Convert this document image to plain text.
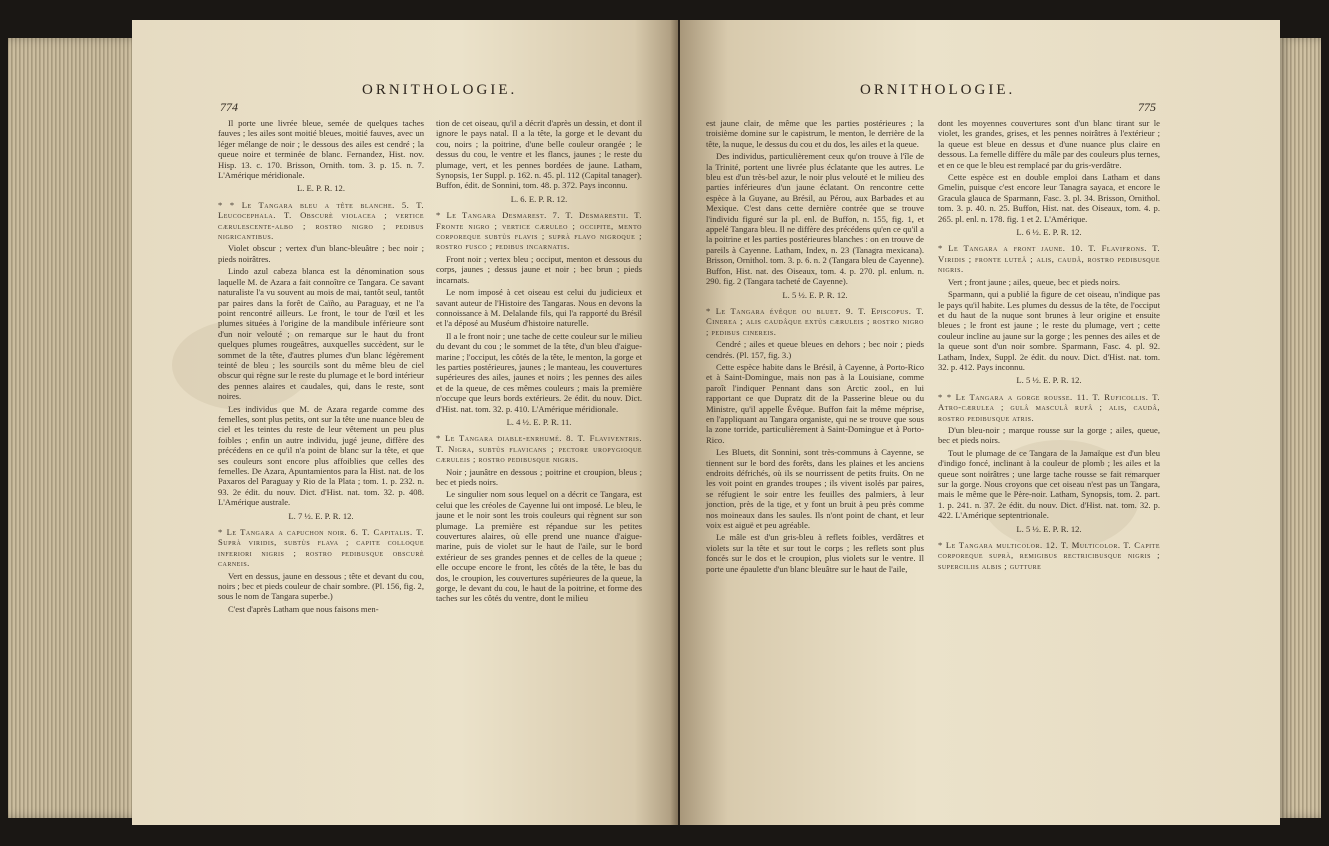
774
ORNITHOLOGIE.

Il porte une livrée bleue, semée de quelques taches fauves ; les ailes sont moitié bleues, moitié fauves, avec un léger mélange de noir ; le dessous des ailes est cendré ; la queue noire et terminée de blanc. Fernandez, Hist. nov. Hisp. 13. c. 170. Brisson, Ornith. tom. 3. p. 15. n. 7. L'Amérique méridionale.

L. E. P. R. 12.

* * Le Tangara bleu a tête blanche. 5. T. Leucocephala. T. Obscurè violacea ; vertice cærulescente-albo ; rostro nigro ; pedibus nigricantibus.

Violet obscur ; vertex d'un blanc-bleuâtre ; bec noir ; pieds noirâtres.

Lindo azul cabeza blanca est la dénomination sous laquelle M. de Azara a fait connoître ce Tangara. Ce savant naturaliste l'a vu souvent au mois de mai, tantôt seul, tantôt par paires dans la forêt de Caïño, au Paraguay, et ne l'a point rencontré ailleurs. Le front, le tour de l'œil et les plumes situées à l'origine de la mandibule inférieure sont d'un noir velouté ; on remarque sur le haut du front quelques plumes rougeâtres, auxquelles succèdent, sur le sommet de la tête, d'autres plumes d'un blanc légèrement teinté de bleu ; les sourcils sont du même bleu de ciel obscur qui règne sur le reste du plumage et le bord intérieur des pennes alaires et caudales, qui, dans le reste, sont noires.

Les individus que M. de Azara regarde comme des femelles, sont plus petits, ont sur la tête une nuance bleu de ciel et les teintes du reste de leur vêtement un peu plus foibles ; enfin un autre individu, jugé jeune, diffère des précédens en ce qu'il n'a point de blanc sur la tête, et que ses couleurs sont encore plus affoiblies que celles des femelles. De Azara, Apuntamientos para la Hist. nat. de los Paxaros del Paraguay y Rio de la Plata ; tom. 1. p. 232. n. 93. 2e édit. du nouv. Dict. d'Hist. nat. tom. 32. p. 408. L'Amérique australe.

L. 7 ½. E. P. R. 12.

* Le Tangara a capuchon noir. 6. T. Capitalis. T. Suprà viridis, subtùs flava ; capite colloque inferiori nigris ; rostro pedibusque obscurè carneis.

Vert en dessus, jaune en dessous ; tête et devant du cou, noirs ; bec et pieds couleur de chair sombre. (Pl. 156, fig. 2, sous le nom de Tangara superbe.)

C'est d'après Latham que nous faisons men-

tion de cet oiseau, qu'il a décrit d'après un dessin, et dont il ignore le pays natal. Il a la tête, la gorge et le devant du cou, noirs ; la poitrine, d'une belle couleur orangée ; le dessus du cou, le ventre et les flancs, jaunes ; le reste du plumage, vert, et les pennes bordées de jaune. Latham, Synopsis, 1er Suppl. p. 162. n. 45. pl. 112 (Capital tanager). Buffon, édit. de Sonnini, tom. 48. p. 372. Pays inconnu.

L. 6. E. P. R. 12.

* Le Tangara Desmarest. 7. T. Desmarestii. T. Fronte nigro ; vertice cæruleo ; occipite, mento corporeque subtùs flavis ; suprà flavo nigroque ; rostro fusco ; pedibus incarnatis.

Front noir ; vertex bleu ; occiput, menton et dessous du corps, jaunes ; dessus jaune et noir ; bec brun ; pieds incarnats.

Le nom imposé à cet oiseau est celui du judicieux et savant auteur de l'Histoire des Tangaras. Nous en devons la connoissance à M. Delalande fils, qui l'a rapporté du Brésil et l'a déposé au Muséum d'histoire naturelle.

Il a le front noir ; une tache de cette couleur sur le milieu du devant du cou ; le sommet de la tête, d'un bleu d'aigue-marine ; l'occiput, les côtés de la tête, le menton, la gorge et les parties postérieures, jaunes ; le manteau, les couvertures supérieures des ailes, jaunes et noirs ; les pennes des ailes et de la queue, de ces mêmes couleurs ; mais la première n'occupe que leurs bords extérieurs. 2e édit. du nouv. Dict. d'Hist. nat. tom. 32. p. 410. L'Amérique méridionale.

L. 4 ½. E. P. R. 11.

* Le Tangara diable-enrhumé. 8. T. Flaviventris. T. Nigra, subtùs flavicans ; pectore uropygioque cæruleis ; rostro pedibusque nigris.

Noir ; jaunâtre en dessous ; poitrine et croupion, bleus ; bec et pieds noirs.

Le singulier nom sous lequel on a décrit ce Tangara, est celui que les créoles de Cayenne lui ont imposé. Le bleu, le jaune et le noir sont les trois couleurs qui règnent sur son plumage. La première est répandue sur les petites couvertures alaires, où elle prend une nuance d'aigue-marine, puis de violet sur le haut de l'aile, sur le bord extérieur de ses grandes pennes et de celles de la queue ; elle occupe encore le front, les côtés de la tête, le bas du dos, le croupion, les couvertures supérieures de la queue, la gorge, le devant du cou, le haut de la poitrine, et forme des taches sur les côtés du ventre, dont le milieu

ORNITHOLOGIE.
775

est jaune clair, de même que les parties postérieures ; la troisième domine sur le capistrum, le menton, le derrière de la tête, la nuque, le dessus du cou et du dos, les ailes et la queue.

Des individus, particulièrement ceux qu'on trouve à l'île de la Trinité, portent une livrée plus éclatante que les autres. Le bleu est d'un très-bel azur, le noir plus velouté et le milieu des parties inférieures d'un jaune éclatant. On rencontre cette espèce à la Guyane, au Brésil, au Pérou, aux Barbades et au Mexique. C'est dans cette dernière contrée que se trouve l'individu figuré sur la pl. enl. de Buffon, n. 155, fig. 1, et appelé Tangara bleu. Il ne diffère des précédens qu'en ce qu'il a la poitrine et les parties postérieures blanches : on en trouve de pareils à Cayenne. Latham, Index, n. 23 (Tanagra mexicana). Brisson, Ornithol. tom. 3. p. 6. n. 2 (Tangara bleu de Cayenne). Buffon, Hist. nat. des Oiseaux, tom. 4. p. 270. pl. enlum. n. 290. fig. 2 (Tangara tacheté de Cayenne).

L. 5 ½. E. P. R. 12.

* Le Tangara évêque ou bluet. 9. T. Episcopus. T. Cinerea ; alis caudâque extùs cæruleis ; rostro nigro ; pedibus cinereis.

Cendré ; ailes et queue bleues en dehors ; bec noir ; pieds cendrés. (Pl. 157, fig. 3.)

Cette espèce habite dans le Brésil, à Cayenne, à Porto-Rico et à Saint-Domingue, mais non pas à la Louisiane, comme paroît l'indiquer Pennant dans son Arctic zool., en lui rapportant ce que Dupratz dit de la Passerine bleue ou du Ministre, qu'il appelle Évêque. Buffon fait la même méprise, en l'appliquant au Tangara organiste, qui ne se trouve que sous la zone torride, particulièrement à Saint-Domingue et à Porto-Rico.

Les Bluets, dit Sonnini, sont très-communs à Cayenne, se tiennent sur le bord des forêts, dans les plaines et les anciens endroits défrichés, où ils se nourrissent de petits fruits. On ne les voit point en grandes troupes ; ils vivent isolés par paires, se réfugient le soir entre les feuilles des palmiers, à leur jonction, près de la tige, et y font un bruit à peu près comme nos moineaux dans les saules. Ils n'ont point de chant, et leur voix est aiguë et peu agréable.

Le mâle est d'un gris-bleu à reflets foibles, verdâtres et violets sur la tête et sur tout le corps ; les reflets sont plus foncés sur le dos et le croupion, plus violets sur le ventre. Il porte une épaulette d'un blanc bleuâtre sur le haut de l'aile,

dont les moyennes couvertures sont d'un blanc tirant sur le violet, les grandes, grises, et les pennes noirâtres à l'extérieur ; la queue est bleue en dessus et d'une nuance plus claire en dessous. La femelle diffère du mâle par des couleurs plus ternes, et en ce que le bleu est remplacé par du gris-verdâtre.

Cette espèce est en double emploi dans Latham et dans Gmelin, puisque c'est encore leur Tanagra sayaca, et encore le Gracula glauca de Sparmann, Fasc. 3. pl. 34. Brisson, Ornithol. tom. 3. p. 40. n. 25. Buffon, Hist. nat. des Oiseaux, tom. 4. p. 265. pl. enl. n. 178. fig. 1 et 2. L'Amérique.

L. 6 ½. E. P. R. 12.

* Le Tangara a front jaune. 10. T. Flavifrons. T. Viridis ; fronte luteâ ; alis, caudâ, rostro pedibusque nigris.

Vert ; front jaune ; ailes, queue, bec et pieds noirs.

Sparmann, qui a publié la figure de cet oiseau, n'indique pas le pays qu'il habite. Les plumes du dessus de la tête, de l'occiput et du haut de la nuque sont brunes à leur origine et ensuite bleues ; le front est jaune ; le reste du plumage, vert ; cette couleur incline au jaune sur la gorge ; les pennes des ailes et de la queue sont d'un noir sombre. Sparmann, Fasc. 4. pl. 92. Latham, Index, Suppl. 2e édit. du nouv. Dict. d'Hist. nat. tom. 32. p. 412. Pays inconnu.

L. 5 ½. E. P. R. 12.

* * Le Tangara a gorge rousse. 11. T. Ruficollis. T. Atro-cærulea ; gulâ masculâ rufâ ; alis, caudâ, rostro pedibusque atris.

D'un bleu-noir ; marque rousse sur la gorge ; ailes, queue, bec et pieds noirs.

Tout le plumage de ce Tangara de la Jamaïque est d'un bleu d'indigo foncé, inclinant à la couleur de plomb ; les ailes et la queue sont noirâtres ; une large tache rousse se fait remarquer sur la gorge. Nous croyons que cet oiseau n'est pas un Tangara, mais le même que le Père-noir. Latham, Synopsis, tom. 2. part. 1. p. 241. n. 37. 2e édit. du nouv. Dict. d'Hist. nat. tom. 32. p. 422. L'Amérique septentrionale.

L. 5 ½. E. P. R. 12.

* Le Tangara multicolor. 12. T. Multicolor. T. Capite corporeque suprà, remigibus rectricibusque nigris ; superciliis albis ; gutture
